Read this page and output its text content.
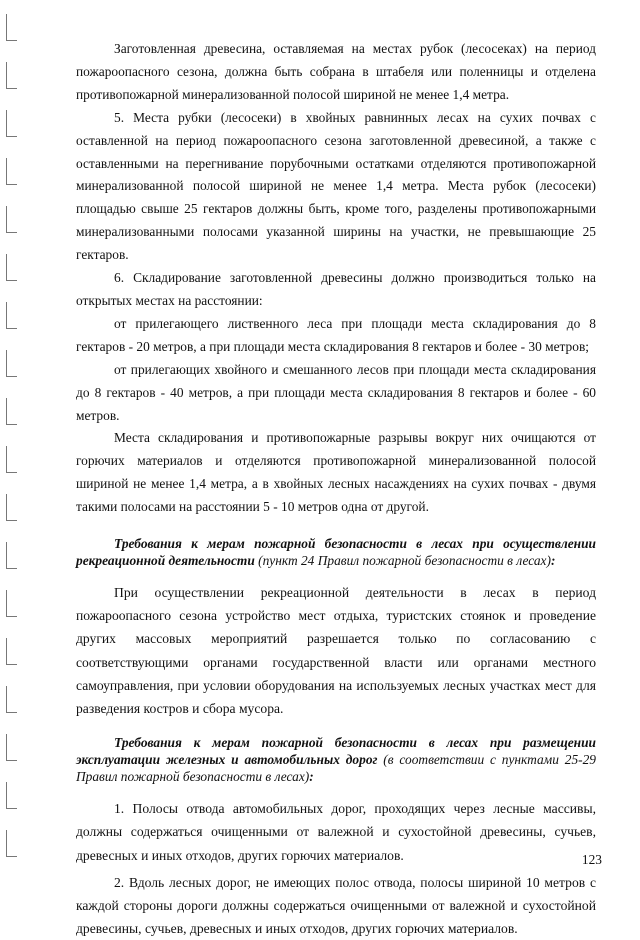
Заготовленная древесина, оставляемая на местах рубок (лесосеках) на период пожароопасного сезона, должна быть собрана в штабеля или поленницы и отделена противопожарной минерализованной полосой шириной не менее 1,4 метра.

5. Места рубки (лесосеки) в хвойных равнинных лесах на сухих почвах с оставленной на период пожароопасного сезона заготовленной древесиной, а также с оставленными на перегнивание порубочными остатками отделяются противопожарной минерализованной полосой шириной не менее 1,4 метра. Места рубок (лесосеки) площадью свыше 25 гектаров должны быть, кроме того, разделены противопожарными минерализованными полосами указанной ширины на участки, не превышающие 25 гектаров.

6. Складирование заготовленной древесины должно производиться только на открытых местах на расстоянии:

от прилегающего лиственного леса при площади места складирования до 8 гектаров - 20 метров, а при площади места складирования 8 гектаров и более - 30 метров;

от прилегающих хвойного и смешанного лесов при площади места складирования до 8 гектаров - 40 метров, а при площади места складирования 8 гектаров и более - 60 метров.

Места складирования и противопожарные разрывы вокруг них очищаются от горючих материалов и отделяются противопожарной минерализованной полосой шириной не менее 1,4 метра, а в хвойных лесных насаждениях на сухих почвах - двумя такими полосами на расстоянии 5 - 10 метров одна от другой.

Требования к мерам пожарной безопасности в лесах при осуществлении рекреационной деятельности (пункт 24 Правил пожарной безопасности в лесах):

При осуществлении рекреационной деятельности в лесах в период пожароопасного сезона устройство мест отдыха, туристских стоянок и проведение других массовых мероприятий разрешается только по согласованию с соответствующими органами государственной власти или органами местного самоуправления, при условии оборудования на используемых лесных участках мест для разведения костров и сбора мусора.

Требования к мерам пожарной безопасности в лесах при размещении эксплуатации железных и автомобильных дорог (в соответствии с пунктами 25-29 Правил пожарной безопасности в лесах):

1. Полосы отвода автомобильных дорог, проходящих через лесные массивы, должны содержаться очищенными от валежной и сухостойной древесины, сучьев, древесных и иных отходов, других горючих материалов.

2. Вдоль лесных дорог, не имеющих полос отвода, полосы шириной 10 метров с каждой стороны дороги должны содержаться очищенными от валежной и сухостойной древесины, сучьев, древесных и иных отходов, других горючих материалов.

123
